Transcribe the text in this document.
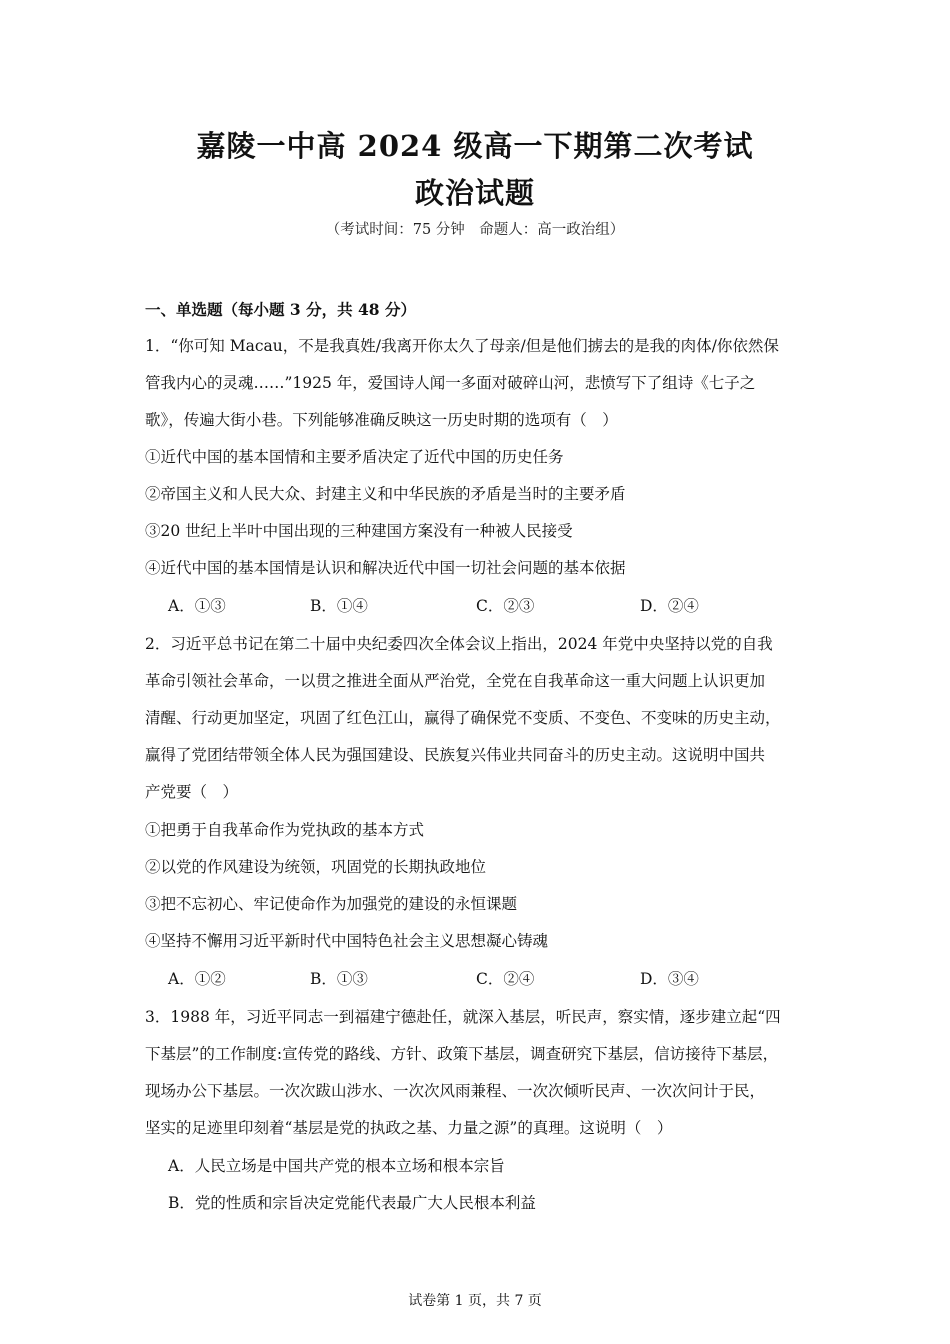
嘉陵一中高 2024 级高一下期第二次考试
政治试题
（考试时间：75 分钟　命题人：高一政治组）
一、单选题（每小题 3 分，共 48 分）
1．“你可知 Macau，不是我真姓/我离开你太久了母亲/但是他们掳去的是我的肉体/你依然保
管我内心的灵魂……”1925 年，爱国诗人闻一多面对破碎山河，悲愤写下了组诗《七子之
歌》，传遍大街小巷。下列能够准确反映这一历史时期的选项有（　）
①近代中国的基本国情和主要矛盾决定了近代中国的历史任务
②帝国主义和人民大众、封建主义和中华民族的矛盾是当时的主要矛盾
③20 世纪上半叶中国出现的三种建国方案没有一种被人民接受
④近代中国的基本国情是认识和解决近代中国一切社会问题的基本依据
A．①③	B．①④	C．②③	D．②④
2．习近平总书记在第二十届中央纪委四次全体会议上指出，2024 年党中央坚持以党的自我
革命引领社会革命，一以贯之推进全面从严治党，全党在自我革命这一重大问题上认识更加
清醒、行动更加坚定，巩固了红色江山，赢得了确保党不变质、不变色、不变味的历史主动，
赢得了党团结带领全体人民为强国建设、民族复兴伟业共同奋斗的历史主动。这说明中国共
产党要（　）
①把勇于自我革命作为党执政的基本方式
②以党的作风建设为统领，巩固党的长期执政地位
③把不忘初心、牢记使命作为加强党的建设的永恒课题
④坚持不懈用习近平新时代中国特色社会主义思想凝心铸魂
A．①②	B．①③	C．②④	D．③④
3．1988 年，习近平同志一到福建宁德赴任，就深入基层，听民声，察实情，逐步建立起“四
下基层”的工作制度:宣传党的路线、方针、政策下基层，调查研究下基层，信访接待下基层，
现场办公下基层。一次次跋山涉水、一次次风雨兼程、一次次倾听民声、一次次问计于民，
坚实的足迹里印刻着“基层是党的执政之基、力量之源”的真理。这说明（　）
A．人民立场是中国共产党的根本立场和根本宗旨
B．党的性质和宗旨决定党能代表最广大人民根本利益
试卷第 1 页，共 7 页
